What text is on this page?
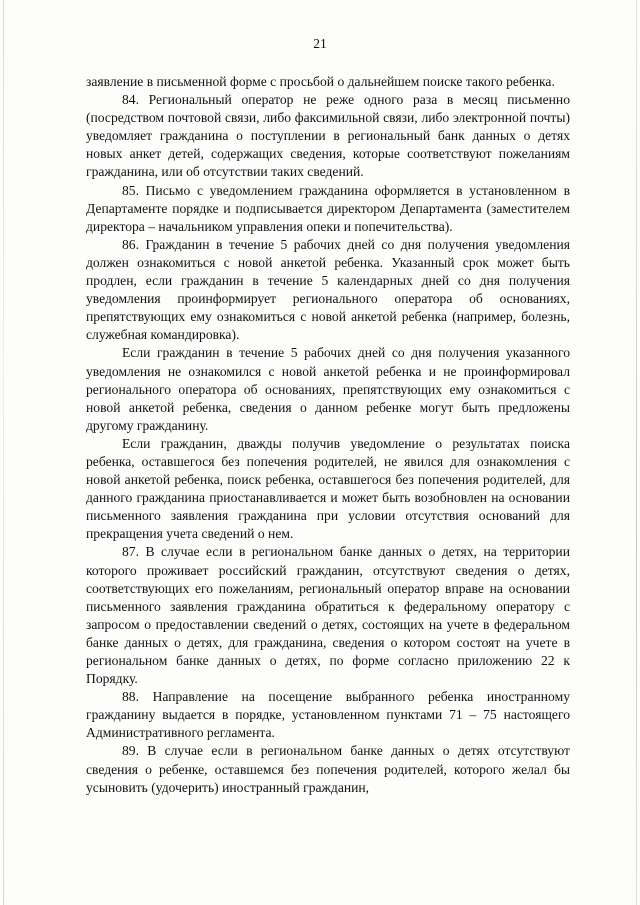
21

заявление в письменной форме с просьбой о дальнейшем поиске такого ребенка.

84. Региональный оператор не реже одного раза в месяц письменно (посредством почтовой связи, либо факсимильной связи, либо электронной почты) уведомляет гражданина о поступлении в региональный банк данных о детях новых анкет детей, содержащих сведения, которые соответствуют пожеланиям гражданина, или об отсутствии таких сведений.

85. Письмо с уведомлением гражданина оформляется в установленном в Департаменте порядке и подписывается директором Департамента (заместителем директора – начальником управления опеки и попечительства).

86. Гражданин в течение 5 рабочих дней со дня получения уведомления должен ознакомиться с новой анкетой ребенка. Указанный срок может быть продлен, если гражданин в течение 5 календарных дней со дня получения уведомления проинформирует регионального оператора об основаниях, препятствующих ему ознакомиться с новой анкетой ребенка (например, болезнь, служебная командировка).

Если гражданин в течение 5 рабочих дней со дня получения указанного уведомления не ознакомился с новой анкетой ребенка и не проинформировал регионального оператора об основаниях, препятствующих ему ознакомиться с новой анкетой ребенка, сведения о данном ребенке могут быть предложены другому гражданину.

Если гражданин, дважды получив уведомление о результатах поиска ребенка, оставшегося без попечения родителей, не явился для ознакомления с новой анкетой ребенка, поиск ребенка, оставшегося без попечения родителей, для данного гражданина приостанавливается и может быть возобновлен на основании письменного заявления гражданина при условии отсутствия оснований для прекращения учета сведений о нем.

87. В случае если в региональном банке данных о детях, на территории которого проживает российский гражданин, отсутствуют сведения о детях, соответствующих его пожеланиям, региональный оператор вправе на основании письменного заявления гражданина обратиться к федеральному оператору с запросом о предоставлении сведений о детях, состоящих на учете в федеральном банке данных о детях, для гражданина, сведения о котором состоят на учете в региональном банке данных о детях, по форме согласно приложению 22 к Порядку.

88. Направление на посещение выбранного ребенка иностранному гражданину выдается в порядке, установленном пунктами 71 – 75 настоящего Административного регламента.

89. В случае если в региональном банке данных о детях отсутствуют сведения о ребенке, оставшемся без попечения родителей, которого желал бы усыновить (удочерить) иностранный гражданин,
